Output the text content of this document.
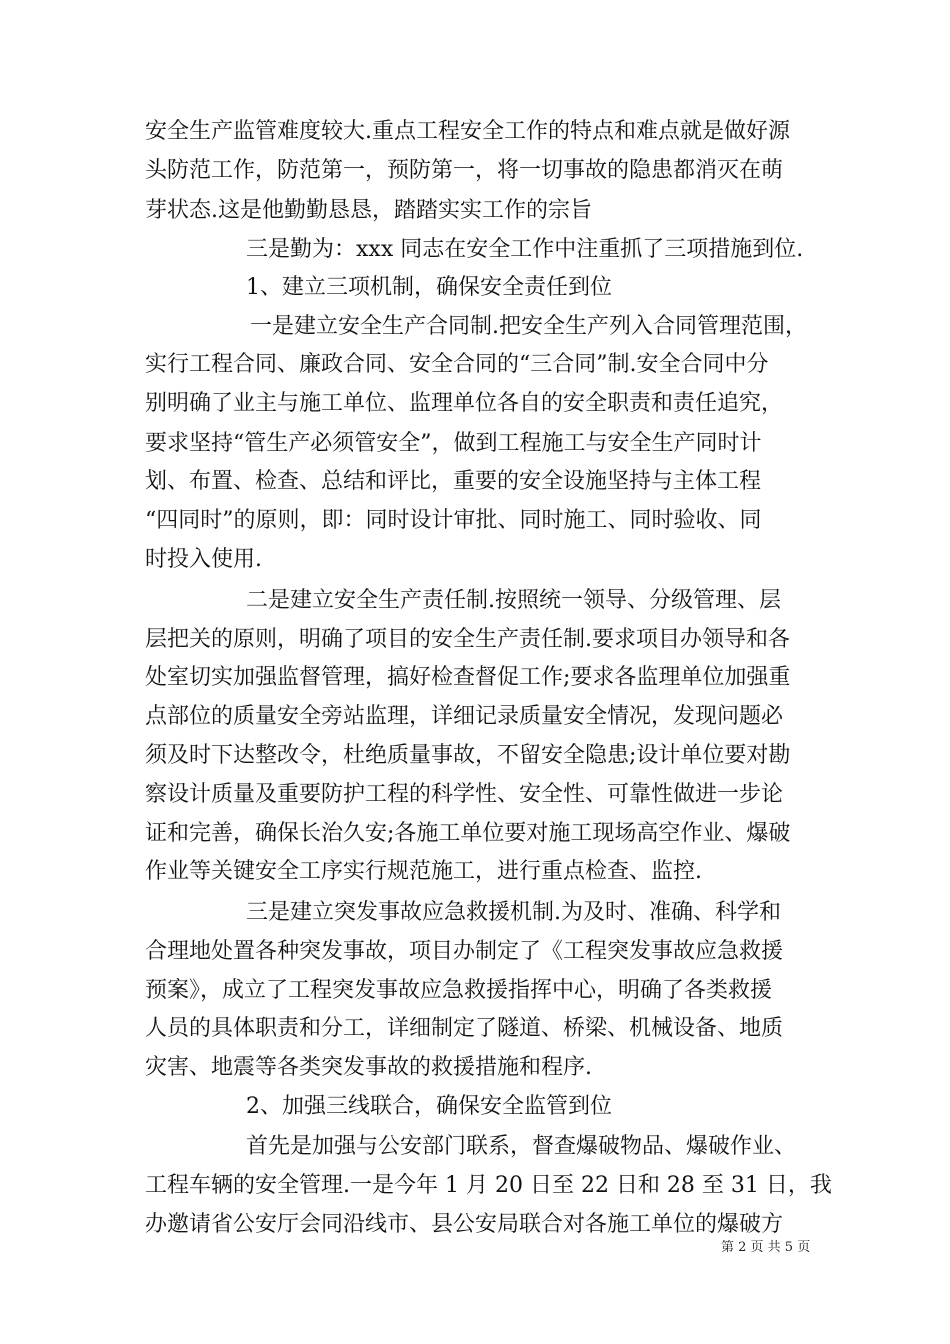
安全生产监管难度较大.重点工程安全工作的特点和难点就是做好源
头防范工作，防范第一，预防第一，将一切事故的隐患都消灭在萌
芽状态.这是他勤勤恳恳，踏踏实实工作的宗旨
三是勤为：xxx 同志在安全工作中注重抓了三项措施到位.
1、建立三项机制，确保安全责任到位
一是建立安全生产合同制.把安全生产列入合同管理范围，
实行工程合同、廉政合同、安全合同的“三合同”制.安全合同中分
别明确了业主与施工单位、监理单位各自的安全职责和责任追究，
要求坚持“管生产必须管安全”，做到工程施工与安全生产同时计
划、布置、检查、总结和评比，重要的安全设施坚持与主体工程
“四同时”的原则，即：同时设计审批、同时施工、同时验收、同
时投入使用.
二是建立安全生产责任制.按照统一领导、分级管理、层
层把关的原则，明确了项目的安全生产责任制.要求项目办领导和各
处室切实加强监督管理，搞好检查督促工作;要求各监理单位加强重
点部位的质量安全旁站监理，详细记录质量安全情况，发现问题必
须及时下达整改令，杜绝质量事故，不留安全隐患;设计单位要对勘
察设计质量及重要防护工程的科学性、安全性、可靠性做进一步论
证和完善，确保长治久安;各施工单位要对施工现场高空作业、爆破
作业等关键安全工序实行规范施工，进行重点检查、监控.
三是建立突发事故应急救援机制.为及时、准确、科学和
合理地处置各种突发事故，项目办制定了《工程突发事故应急救援
预案》，成立了工程突发事故应急救援指挥中心，明确了各类救援
人员的具体职责和分工，详细制定了隧道、桥梁、机械设备、地质
灾害、地震等各类突发事故的救援措施和程序.
2、加强三线联合，确保安全监管到位
首先是加强与公安部门联系，督查爆破物品、爆破作业、
工程车辆的安全管理.一是今年 1 月 20 日至 22 日和 28 至 31 日，我
办邀请省公安厅会同沿线市、县公安局联合对各施工单位的爆破方
第 2 页 共 5 页
